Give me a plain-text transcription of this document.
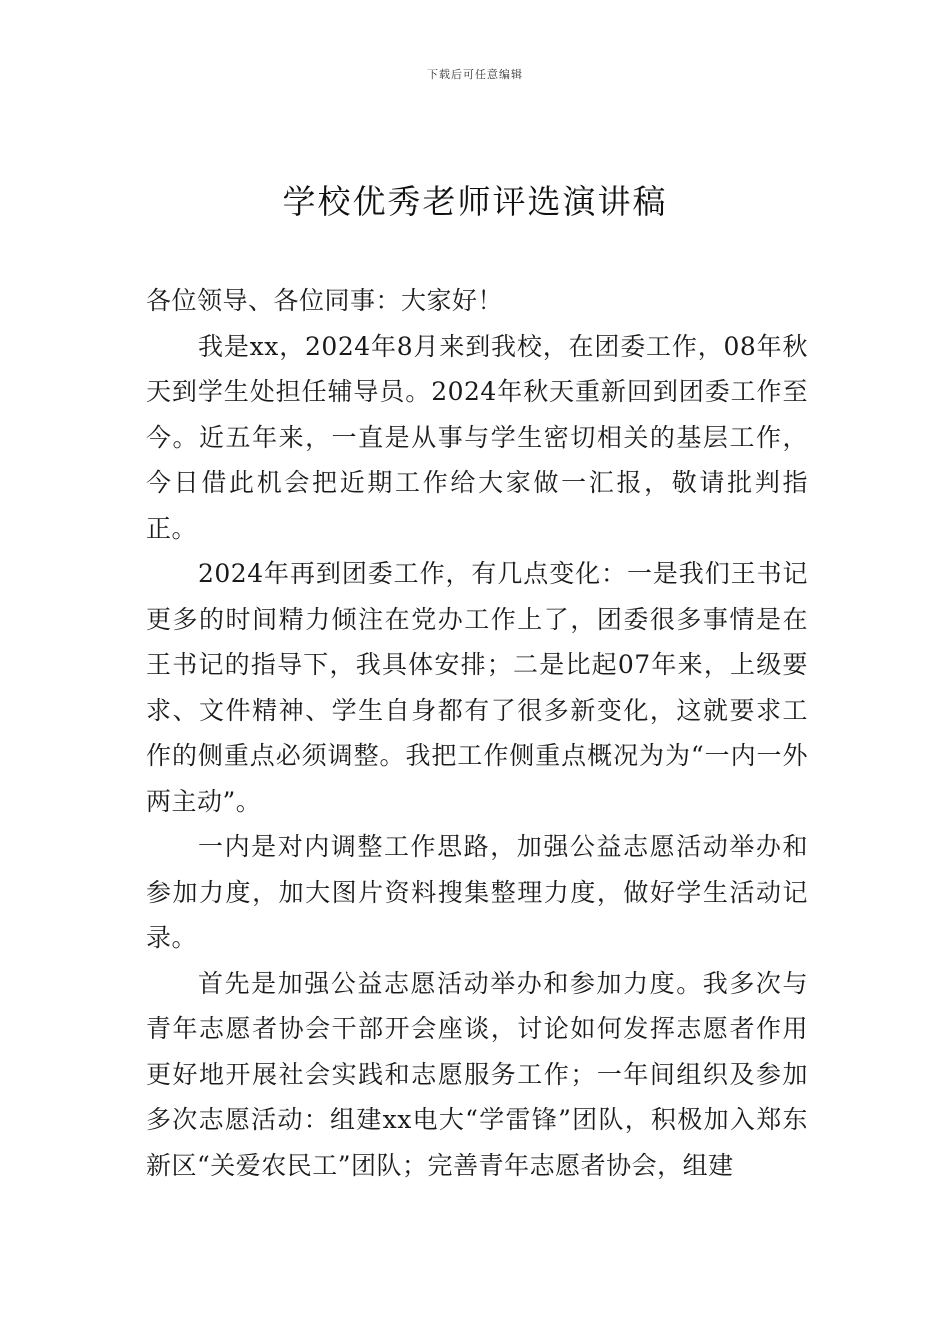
下载后可任意编辑
学校优秀老师评选演讲稿

各位领导、各位同事：大家好！

我是xx，2024年8月来到我校，在团委工作，08年秋天到学生处担任辅导员。2024年秋天重新回到团委工作至今。近五年来，一直是从事与学生密切相关的基层工作，今日借此机会把近期工作给大家做一汇报，敬请批判指正。

2024年再到团委工作，有几点变化：一是我们王书记更多的时间精力倾注在党办工作上了，团委很多事情是在王书记的指导下，我具体安排；二是比起07年来，上级要求、文件精神、学生自身都有了很多新变化，这就要求工作的侧重点必须调整。我把工作侧重点概况为为“一内一外两主动”。

一内是对内调整工作思路，加强公益志愿活动举办和参加力度，加大图片资料搜集整理力度，做好学生活动记录。

首先是加强公益志愿活动举办和参加力度。我多次与青年志愿者协会干部开会座谈，讨论如何发挥志愿者作用更好地开展社会实践和志愿服务工作；一年间组织及参加多次志愿活动：组建xx电大“学雷锋”团队，积极加入郑东新区“关爱农民工”团队；完善青年志愿者协会，组建
